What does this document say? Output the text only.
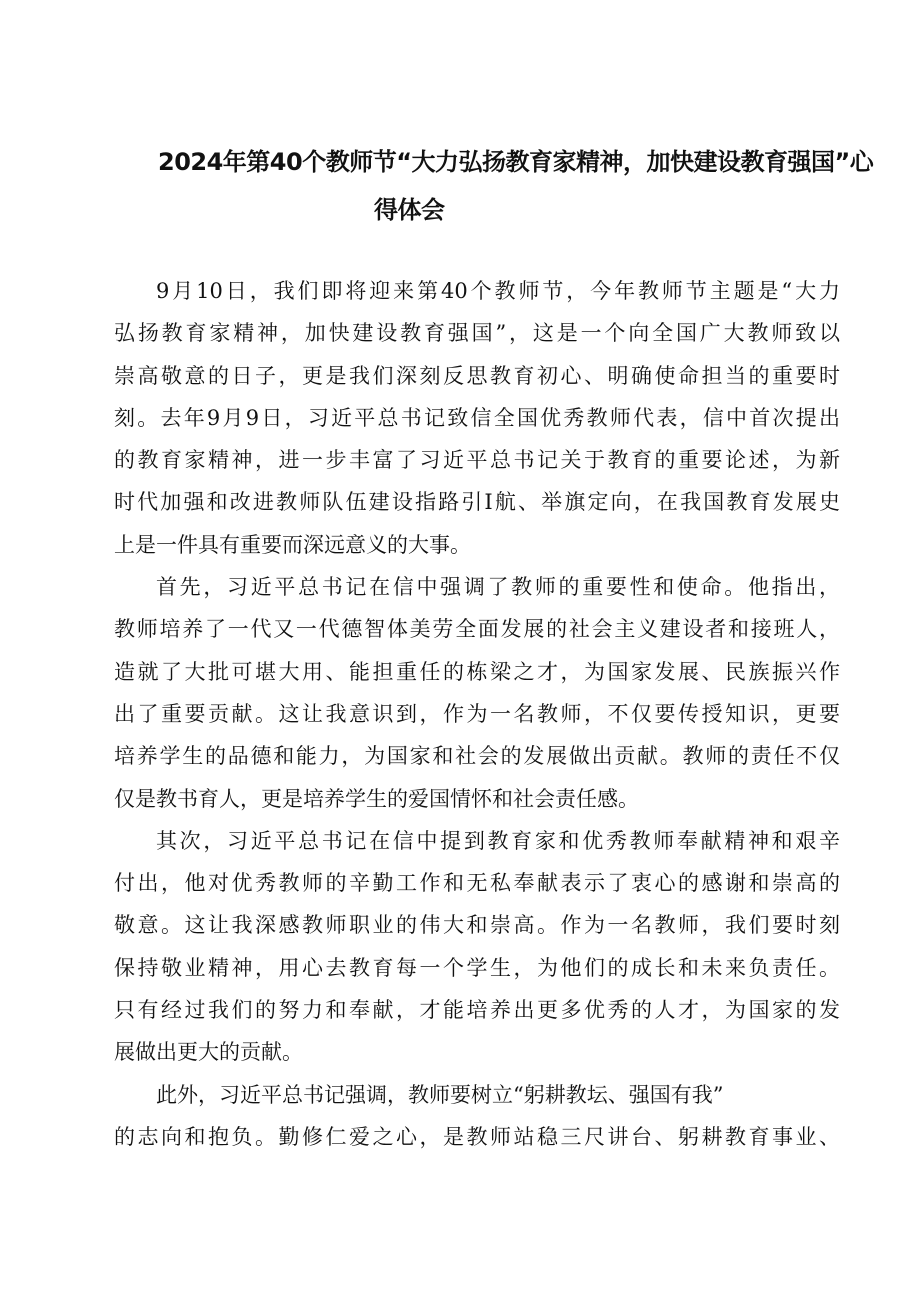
2024年第40个教师节“大力弘扬教育家精神，加快建设教育强国”心
得体会
9月10日，我们即将迎来第40个教师节，今年教师节主题是“大力
弘扬教育家精神，加快建设教育强国”，这是一个向全国广大教师致以
崇高敬意的日子，更是我们深刻反思教育初心、明确使命担当的重要时
刻。去年9月9日，习近平总书记致信全国优秀教师代表，信中首次提出
的教育家精神，进一步丰富了习近平总书记关于教育的重要论述，为新
时代加强和改进教师队伍建设指路引I航、举旗定向，在我国教育发展史
上是一件具有重要而深远意义的大事。
首先，习近平总书记在信中强调了教师的重要性和使命。他指出，
教师培养了一代又一代德智体美劳全面发展的社会主义建设者和接班人，
造就了大批可堪大用、能担重任的栋梁之才，为国家发展、民族振兴作
出了重要贡献。这让我意识到，作为一名教师，不仅要传授知识，更要
培养学生的品德和能力，为国家和社会的发展做出贡献。教师的责任不仅
仅是教书育人，更是培养学生的爱国情怀和社会责任感。
其次，习近平总书记在信中提到教育家和优秀教师奉献精神和艰辛
付出，他对优秀教师的辛勤工作和无私奉献表示了衷心的感谢和崇高的
敬意。这让我深感教师职业的伟大和崇高。作为一名教师，我们要时刻
保持敬业精神，用心去教育每一个学生，为他们的成长和未来负责任。
只有经过我们的努力和奉献，才能培养出更多优秀的人才，为国家的发
展做出更大的贡献。
此外，习近平总书记强调，教师要树立“躬耕教坛、强国有我”
的志向和抱负。勤修仁爱之心，是教师站稳三尺讲台、躬耕教育事业、
